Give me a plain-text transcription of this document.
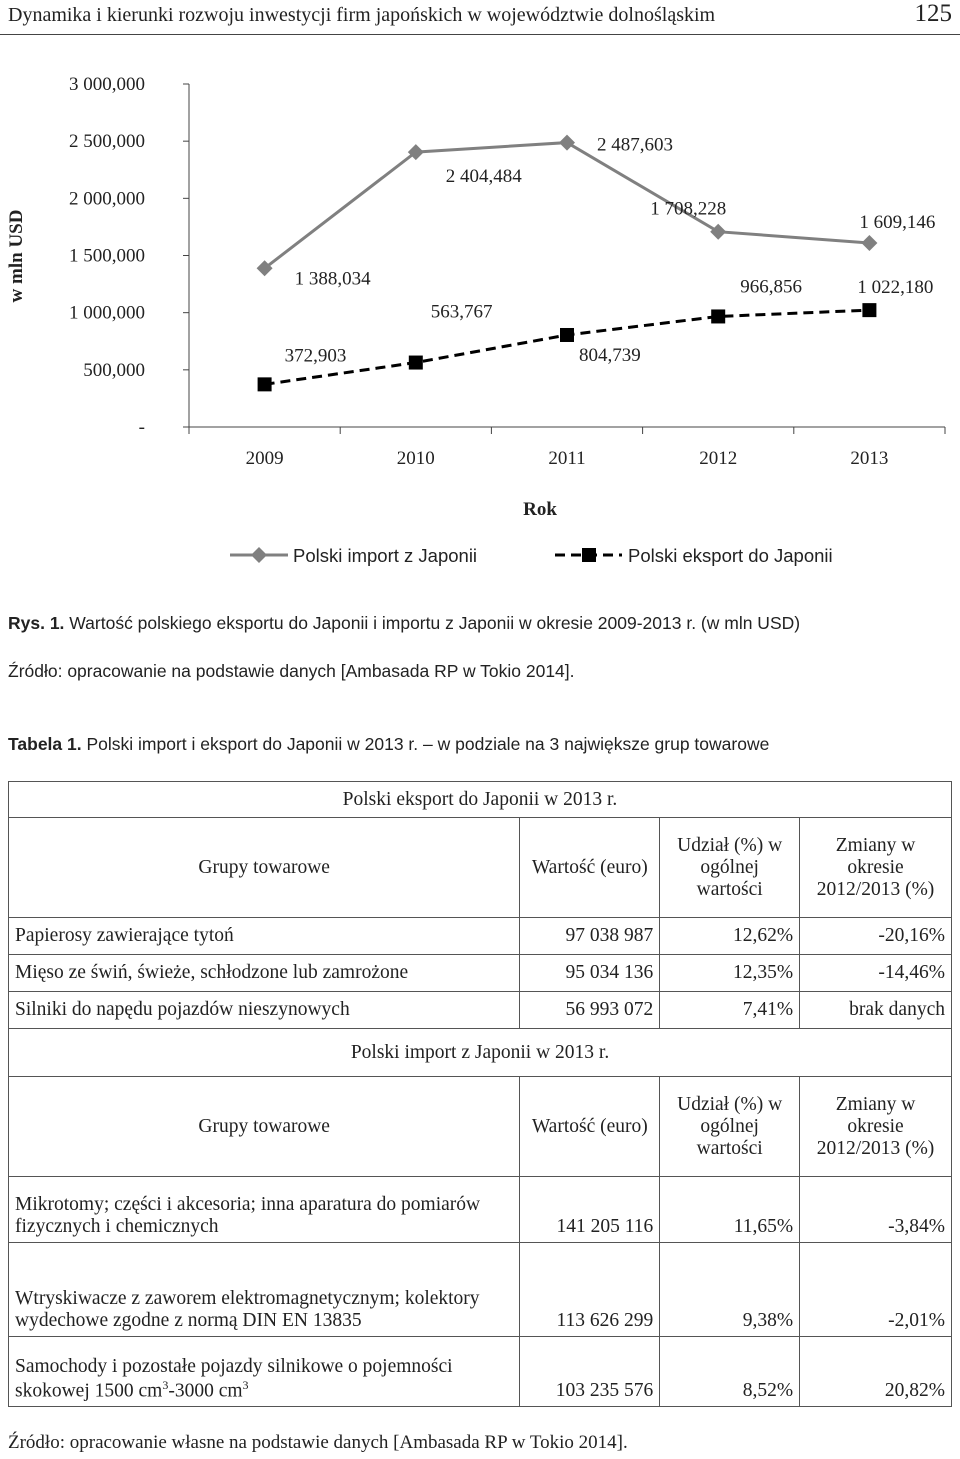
Dynamika i kierunki rozwoju inwestycji firm japońskich w województwie dolnośląskim	125
-
500,000
1 000,000
1 500,000
2 000,000
2 500,000
3 000,000
2009	2010	2011	2012	2013
w mln USD
Rok
1 388,034
2 404,484
2 487,603
1 708,228
1 609,146
372,903
563,767
804,739
966,856	1 022,180
Polski import z Japonii	Polski eksport do Japonii
Rys. 1. Wartość polskiego eksportu do Japonii i importu z Japonii w okresie 2009-2013 r. (w mln USD)
Źródło: opracowanie na podstawie danych [Ambasada RP w Tokio 2014].
Tabela 1. Polski import i eksport do Japonii w 2013 r. – w podziale na 3 największe grup towarowe
Polski eksport do Japonii w 2013 r.			
Grupy towarowe	Wartość (euro)	Udział (%) w ogólnej wartości	Zmiany w okresie 2012/2013 (%)
Papierosy zawierające tytoń	97 038 987	12,62%	-20,16%
Mięso ze świń, świeże, schłodzone lub zamrożone	95 034 136	12,35%	-14,46%
Silniki do napędu pojazdów nieszynowych	56 993 072	7,41%	brak danych
Polski import z Japonii w 2013 r.			
Grupy towarowe	Wartość (euro)	Udział (%) w ogólnej wartości	Zmiany w okresie 2012/2013 (%)
Mikrotomy; części i akcesoria; inna aparatura do pomiarów fizycznych i chemicznych	141 205 116	11,65%	-3,84%
Wtryskiwacze z zaworem elektromagnetycznym; kolektory wydechowe zgodne z normą DIN EN 13835	113 626 299	9,38%	-2,01%
Samochody i pozostałe pojazdy silnikowe o pojemności skokowej 1500 $cm^3-3000$ $cm^3$	103 235 576	8,52%	20,82%
Źródło: opracowanie własne na podstawie danych [Ambasada RP w Tokio 2014].
